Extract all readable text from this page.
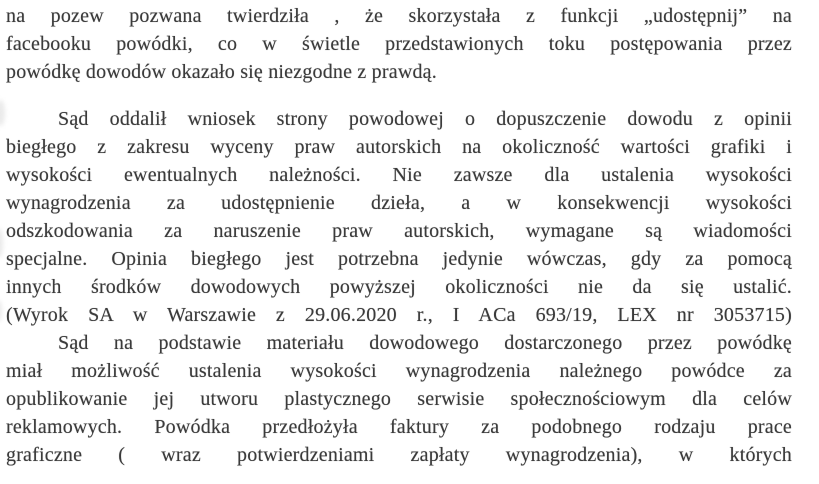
na pozew pozwana twierdziła , że skorzystała z funkcji „udostępnij” na
facebooku powódki, co w świetle przedstawionych toku postępowania przez
powódkę dowodów okazało się niezgodne z prawdą.
Sąd oddalił wniosek strony powodowej o dopuszczenie dowodu z opinii
biegłego z zakresu wyceny praw autorskich na okoliczność wartości grafiki i
wysokości ewentualnych należności. Nie zawsze dla ustalenia wysokości
wynagrodzenia za udostępnienie dzieła, a w konsekwencji wysokości
odszkodowania za naruszenie praw autorskich, wymagane są wiadomości
specjalne. Opinia biegłego jest potrzebna jedynie wówczas, gdy za pomocą
innych środków dowodowych powyższej okoliczności nie da się ustalić.
(Wyrok SA w Warszawie z 29.06.2020 r., I ACa 693/19, LEX nr 3053715)
Sąd na podstawie materiału dowodowego dostarczonego przez powódkę
miał możliwość ustalenia wysokości wynagrodzenia należnego powódce za
opublikowanie jej utworu plastycznego serwisie społecznościowym dla celów
reklamowych. Powódka przedłożyła faktury za podobnego rodzaju prace
graficzne ( wraz potwierdzeniami zapłaty wynagrodzenia), w których
